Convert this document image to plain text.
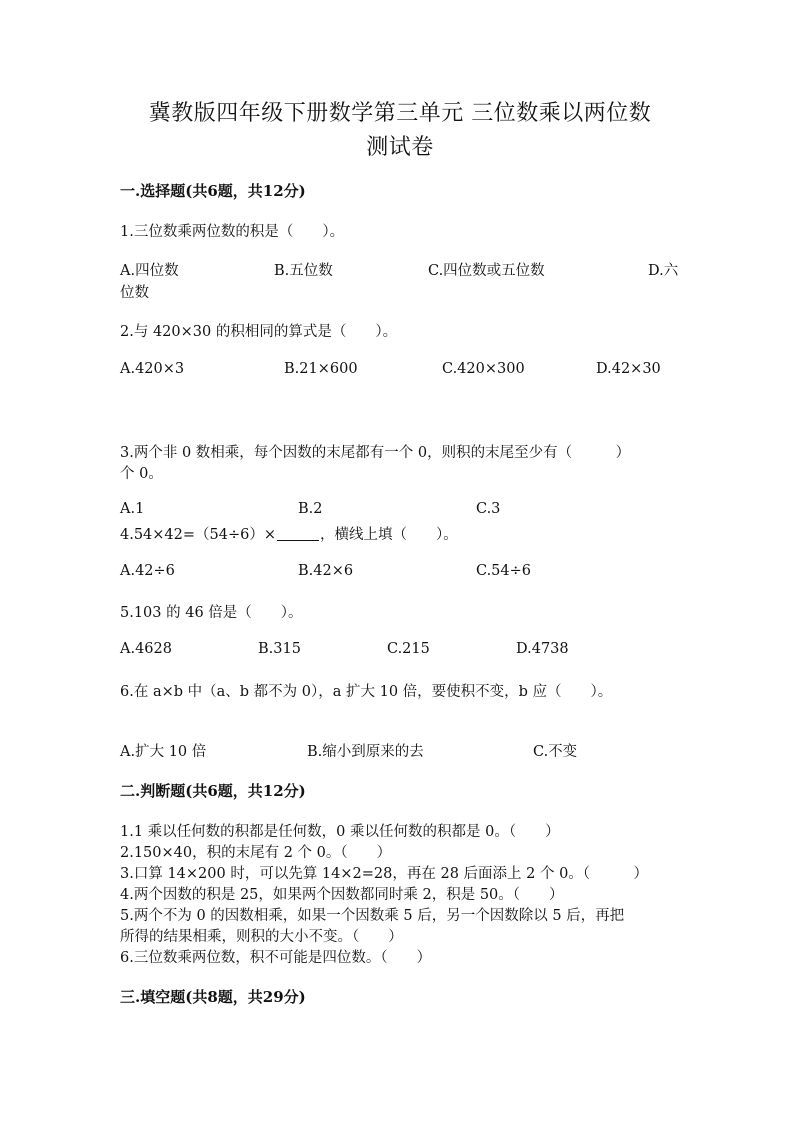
冀教版四年级下册数学第三单元 三位数乘以两位数
测试卷
一.选择题(共6题，共12分)
1.三位数乘两位数的积是（　　）。
A.四位数	B.五位数	C.四位数或五位数	D.六
位数
2.与 420×30 的积相同的算式是（　　）。
A.420×3	B.21×600	C.420×300	D.42×30
3.两个非 0 数相乘，每个因数的末尾都有一个 0，则积的末尾至少有（　　　）
个 0。
A.1	B.2	C.3
4.54×42=（54÷6）×	，横线上填（　　）。
A.42÷6	B.42×6	C.54÷6
5.103 的 46 倍是（　　）。
A.4628	B.315	C.215	D.4738
6.在 a×b 中（a、b 都不为 0），a 扩大 10 倍，要使积不变，b 应（　　）。
A.扩大 10 倍	B.缩小到原来的去	C.不变
二.判断题(共6题，共12分)
1.1 乘以任何数的积都是任何数，0 乘以任何数的积都是 0。（　　）
2.150×40，积的末尾有 2 个 0。（　　）
3.口算 14×200 时，可以先算 14×2=28，再在 28 后面添上 2 个 0。（　　　）
4.两个因数的积是 25，如果两个因数都同时乘 2，积是 50。（　　）
5.两个不为 0 的因数相乘，如果一个因数乘 5 后，另一个因数除以 5 后，再把
所得的结果相乘，则积的大小不变。（　　）
6.三位数乘两位数，积不可能是四位数。（　　）
三.填空题(共8题，共29分)
